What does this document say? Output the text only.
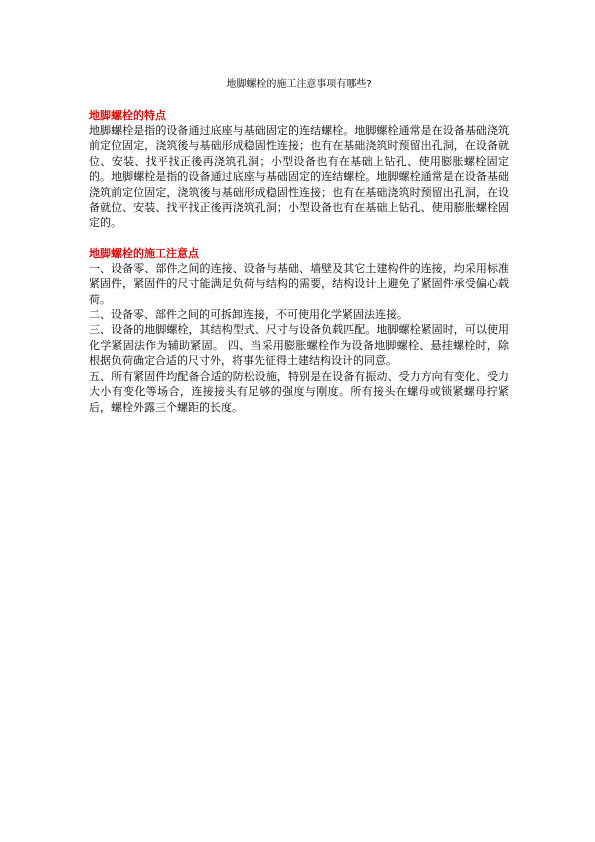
地脚螺栓的施工注意事项有哪些?
地脚螺栓的特点

地脚螺栓是指的设备通过底座与基础固定的连结螺栓。地脚螺栓通常是在设备基础浇筑前定位固定，浇筑後与基础形成稳固性连接；也有在基础浇筑时预留出孔洞，在设备就位、安装、找平找正後再浇筑孔洞；小型设备也有在基础上钻孔、使用膨胀螺栓固定的。地脚螺栓是指的设备通过底座与基础固定的连结螺栓。地脚螺栓通常是在设备基础浇筑前定位固定，浇筑後与基础形成稳固性连接；也有在基础浇筑时预留出孔洞，在设备就位、安装、找平找正後再浇筑孔洞；小型设备也有在基础上钻孔、使用膨胀螺栓固定的。

地脚螺栓的施工注意点

一、设备零、部件之间的连接、设备与基础、墙壁及其它土建构件的连接，均采用标准紧固件，紧固件的尺寸能满足负荷与结构的需要，结构设计上避免了紧固件承受偏心载荷。

二、设备零、部件之间的可拆卸连接，不可使用化学紧固法连接。

三、设备的地脚螺栓，其结构型式、尺寸与设备负载匹配。地脚螺栓紧固时，可以使用化学紧固法作为辅助紧固。 四、当采用膨胀螺栓作为设备地脚螺栓、悬挂螺栓时，除根据负荷确定合适的尺寸外，将事先征得土建结构设计的同意。

五、所有紧固件均配备合适的防松设施，特别是在设备有振动、受力方向有变化、受力大小有变化等场合，连接接头有足够的强度与刚度。所有接头在螺母或锁紧螺母拧紧后，螺栓外露三个螺距的长度。
